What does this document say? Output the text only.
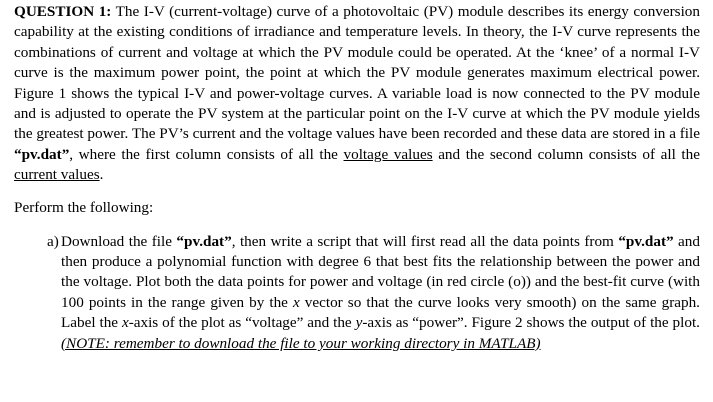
QUESTION 1: The I-V (current-voltage) curve of a photovoltaic (PV) module describes its energy conversion capability at the existing conditions of irradiance and temperature levels. In theory, the I-V curve represents the combinations of current and voltage at which the PV module could be operated. At the ‘knee’ of a normal I-V curve is the maximum power point, the point at which the PV module generates maximum electrical power. Figure 1 shows the typical I-V and power-voltage curves. A variable load is now connected to the PV module and is adjusted to operate the PV system at the particular point on the I-V curve at which the PV module yields the greatest power. The PV’s current and the voltage values have been recorded and these data are stored in a file “pv.dat”, where the first column consists of all the voltage values and the second column consists of all the current values.

Perform the following:

a) Download the file “pv.dat”, then write a script that will first read all the data points from “pv.dat” and then produce a polynomial function with degree 6 that best fits the relationship between the power and the voltage. Plot both the data points for power and voltage (in red circle (o)) and the best-fit curve (with 100 points in the range given by the x vector so that the curve looks very smooth) on the same graph. Label the x-axis of the plot as “voltage” and the y-axis as “power”. Figure 2 shows the output of the plot. (NOTE: remember to download the file to your working directory in MATLAB)
